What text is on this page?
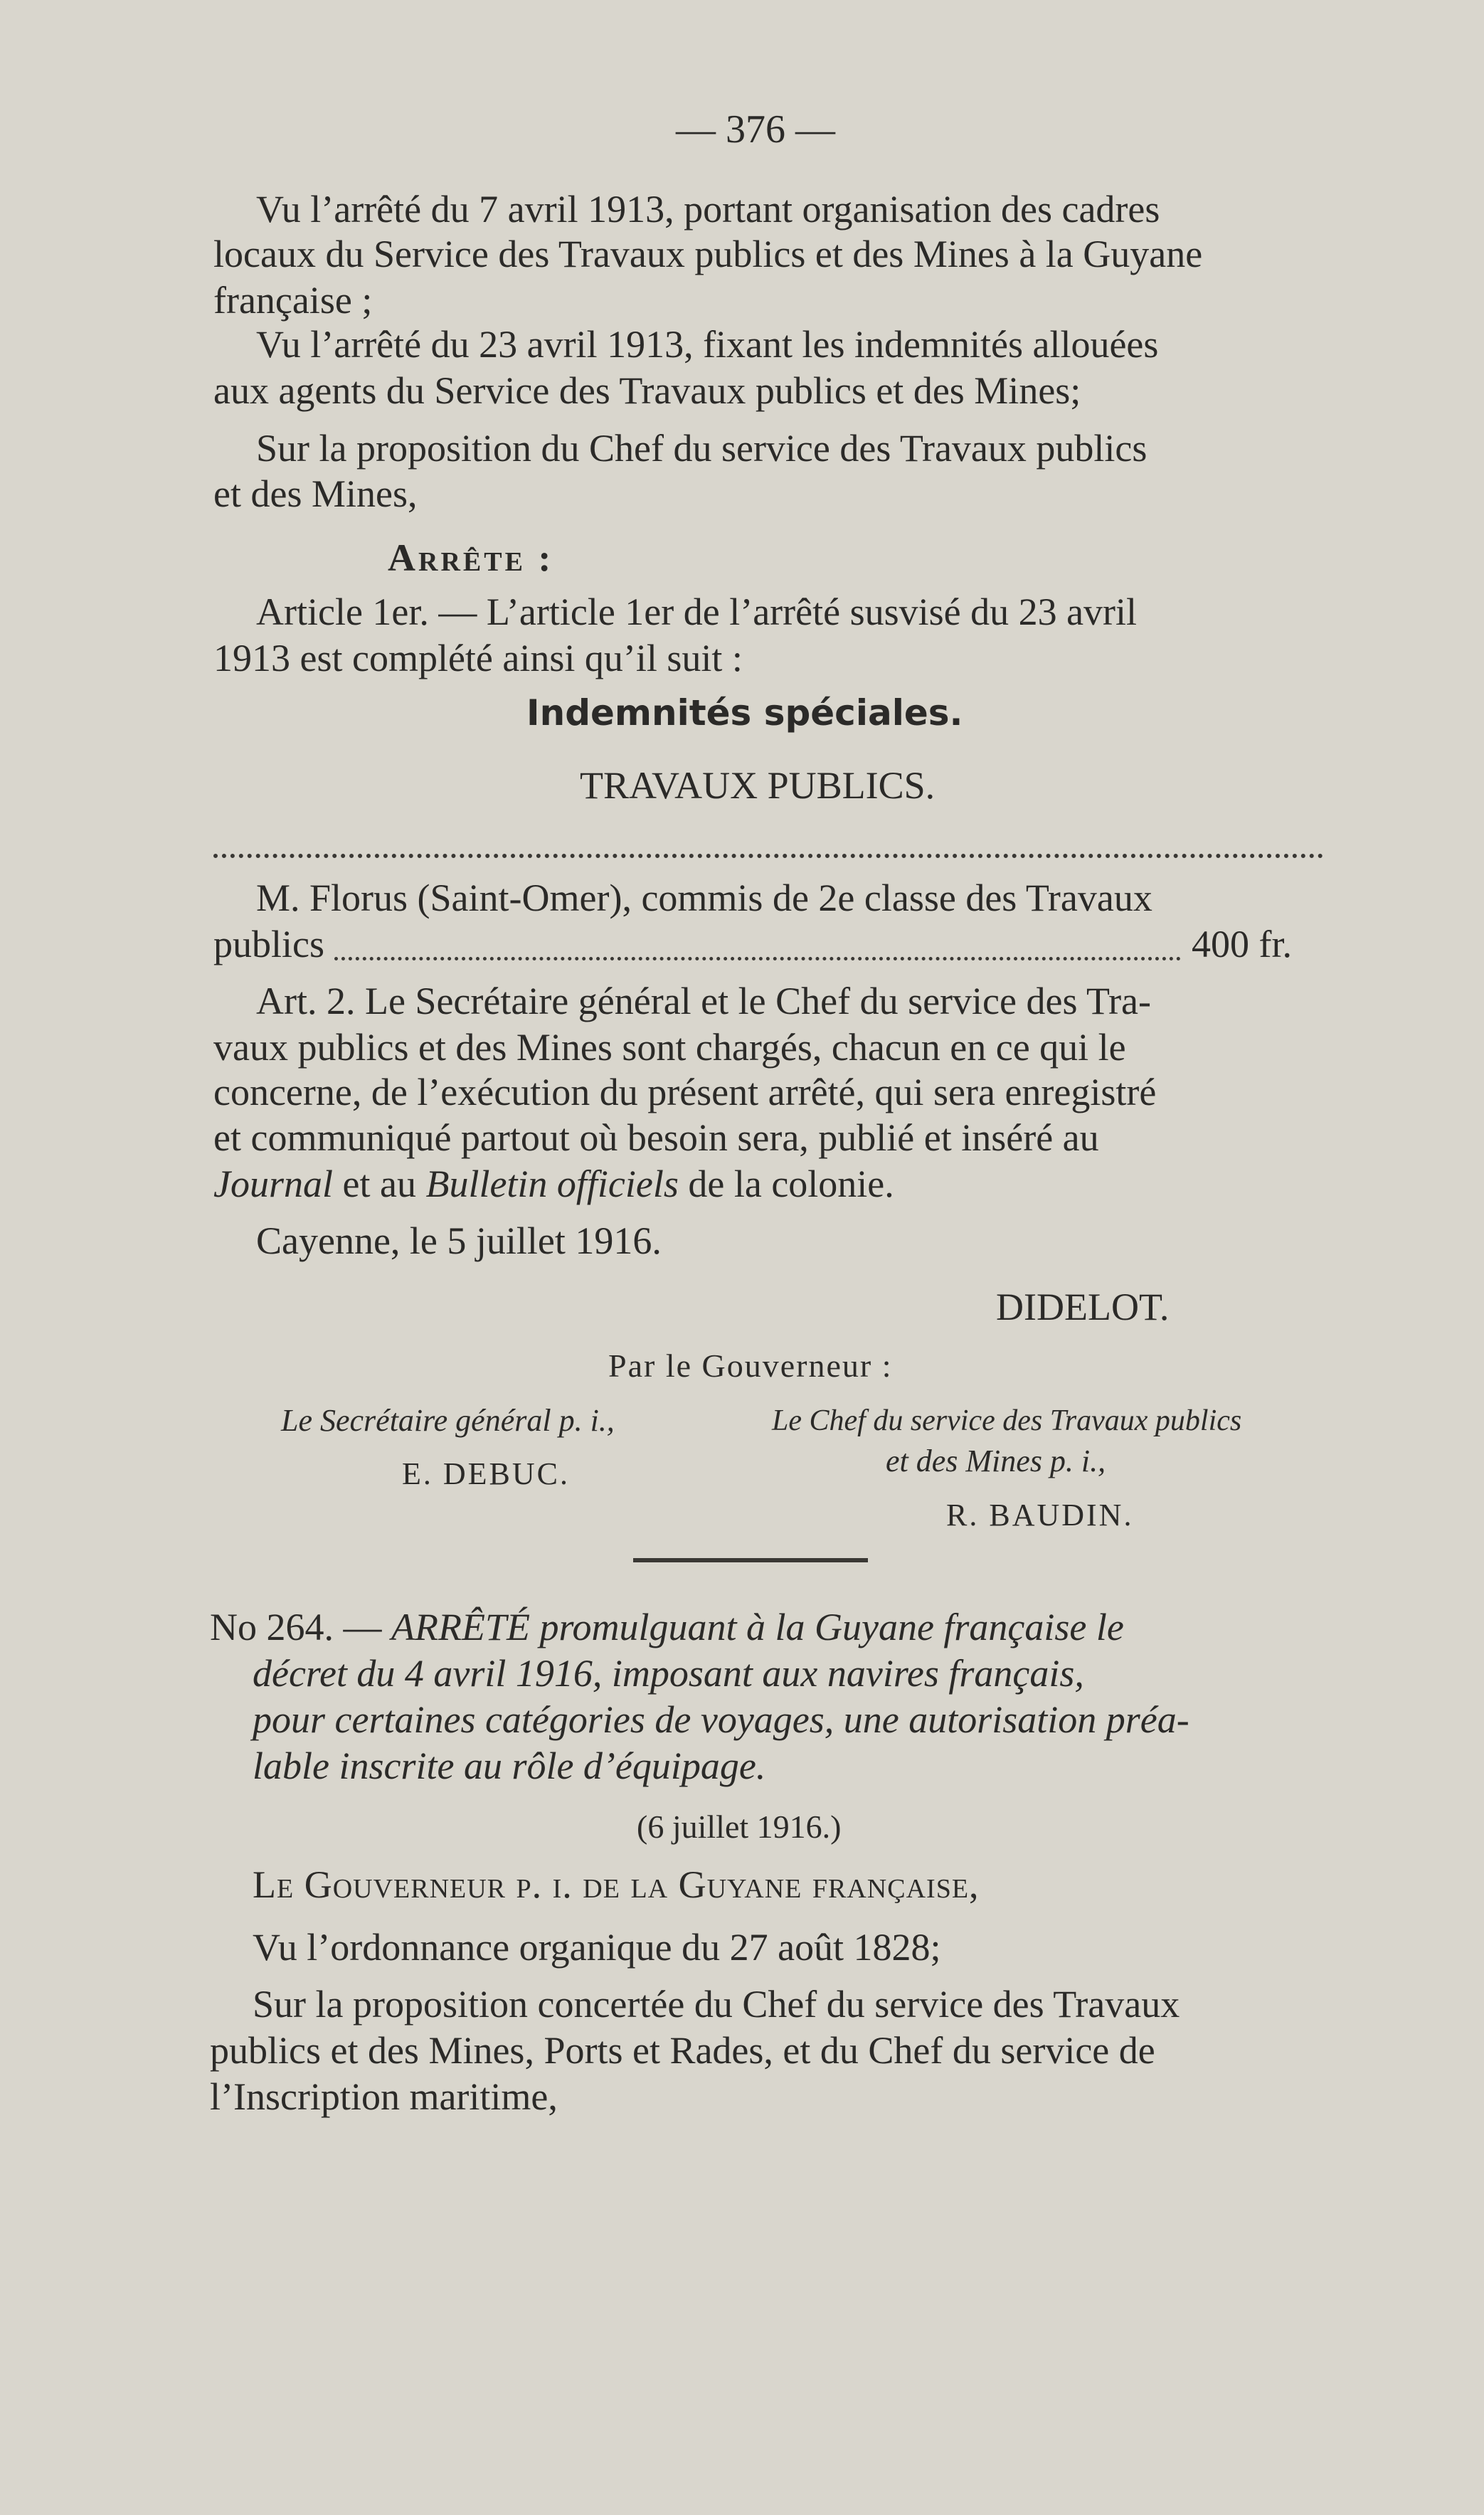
— 376 —
Vu l’arrêté du 7 avril 1913, portant organisation des cadres
locaux du Service des Travaux publics et des Mines à la Guyane
française ;
Vu l’arrêté du 23 avril 1913, fixant les indemnités allouées
aux agents du Service des Travaux publics et des Mines;
Sur la proposition du Chef du service des Travaux publics
et des Mines,
Arrête :
Article 1er. — L’article 1er de l’arrêté susvisé du 23 avril
1913 est complété ainsi qu’il suit :
Indemnités spéciales.
TRAVAUX PUBLICS.
M. Florus (Saint-Omer), commis de 2e classe des Travaux
publics	400 fr.
Art. 2. Le Secrétaire général et le Chef du service des Tra-
vaux publics et des Mines sont chargés, chacun en ce qui le
concerne, de l’exécution du présent arrêté, qui sera enregistré
et communiqué partout où besoin sera, publié et inséré au
Journal et au Bulletin officiels de la colonie.
Cayenne, le 5 juillet 1916.
DIDELOT.
Par le Gouverneur :
Le Secrétaire général p. i.,
E. DEBUC.
Le Chef du service des Travaux publics
et des Mines p. i.,
R. BAUDIN.
No 264. — ARRÊTÉ promulguant à la Guyane française le
décret du 4 avril 1916, imposant aux navires français,
pour certaines catégories de voyages, une autorisation préa-
lable inscrite au rôle d’équipage.
(6 juillet 1916.)
Le Gouverneur p. i. de la Guyane française,
Vu l’ordonnance organique du 27 août 1828;
Sur la proposition concertée du Chef du service des Travaux
publics et des Mines, Ports et Rades, et du Chef du service de
l’Inscription maritime,
